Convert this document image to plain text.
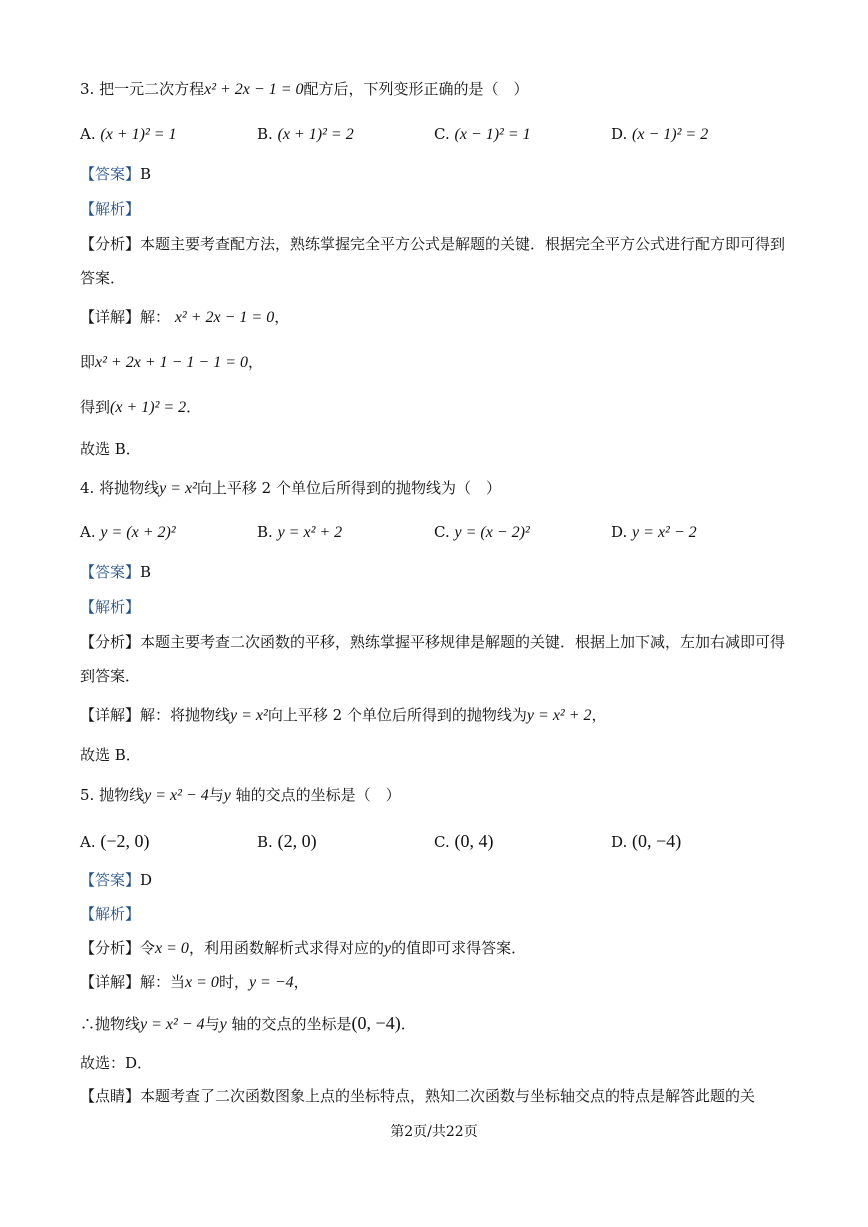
3. 把一元二次方程x² + 2x − 1 = 0配方后，下列变形正确的是（　）
A. (x + 1)² = 1	B. (x + 1)² = 2	C. (x − 1)² = 1	D. (x − 1)² = 2
【答案】B
【解析】
【分析】本题主要考查配方法，熟练掌握完全平方公式是解题的关键．根据完全平方公式进行配方即可得到答案．
【详解】解： x² + 2x − 1 = 0，
即x² + 2x + 1 − 1 − 1 = 0，
得到(x + 1)² = 2．
故选 B．
4. 将抛物线y = x²向上平移 2 个单位后所得到的抛物线为（　）
A. y = (x + 2)²	B. y = x² + 2	C. y = (x − 2)²	D. y = x² − 2
【答案】B
【解析】
【分析】本题主要考查二次函数的平移，熟练掌握平移规律是解题的关键．根据上加下减，左加右减即可得到答案．
【详解】解：将抛物线y = x²向上平移 2 个单位后所得到的抛物线为y = x² + 2，
故选 B．
5. 抛物线y = x² − 4与y 轴的交点的坐标是（　）
A. (−2, 0)	B. (2, 0)	C. (0, 4)	D. (0, −4)
【答案】D
【解析】
【分析】令x = 0，利用函数解析式求得对应的y的值即可求得答案．
【详解】解：当x = 0时，y = −4，
∴抛物线y = x² − 4与y 轴的交点的坐标是(0, −4)．
故选：D．
【点睛】本题考查了二次函数图象上点的坐标特点，熟知二次函数与坐标轴交点的特点是解答此题的关
第2页/共22页
